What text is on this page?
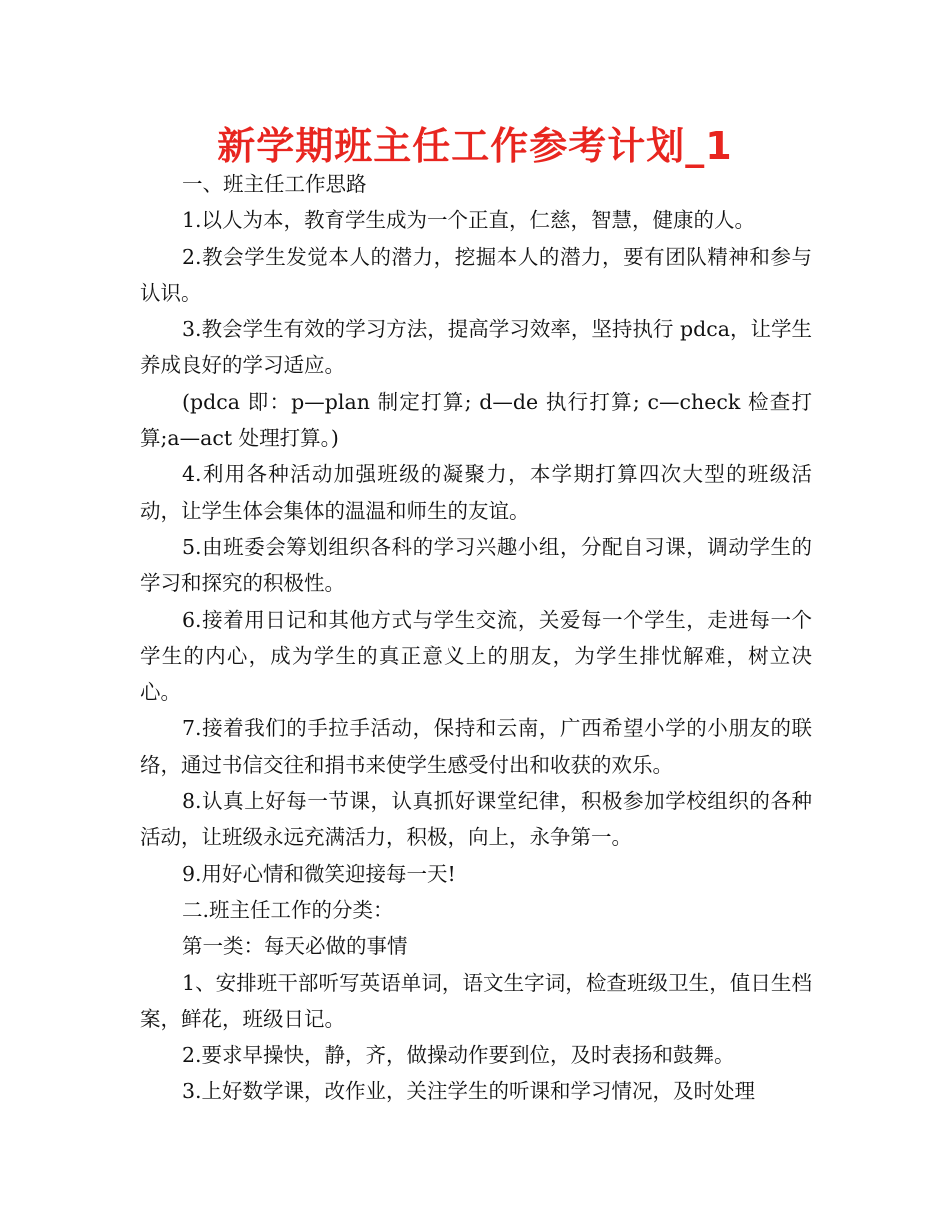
新学期班主任工作参考计划_1

一、班主任工作思路

1.以人为本，教育学生成为一个正直，仁慈，智慧，健康的人。

2.教会学生发觉本人的潜力，挖掘本人的潜力，要有团队精神和参与认识。

3.教会学生有效的学习方法，提高学习效率，坚持执行 pdca，让学生养成良好的学习适应。

(pdca 即：p—plan 制定打算; d—de 执行打算; c—check 检查打算;a—act 处理打算。)

4.利用各种活动加强班级的凝聚力，本学期打算四次大型的班级活动，让学生体会集体的温温和师生的友谊。

5.由班委会筹划组织各科的学习兴趣小组，分配自习课，调动学生的学习和探究的积极性。

6.接着用日记和其他方式与学生交流，关爱每一个学生，走进每一个学生的内心，成为学生的真正意义上的朋友，为学生排忧解难，树立决心。

7.接着我们的手拉手活动，保持和云南，广西希望小学的小朋友的联络，通过书信交往和捐书来使学生感受付出和收获的欢乐。

8.认真上好每一节课，认真抓好课堂纪律，积极参加学校组织的各种活动，让班级永远充满活力，积极，向上，永争第一。

9.用好心情和微笑迎接每一天!

二.班主任工作的分类：

第一类：每天必做的事情

1、安排班干部听写英语单词，语文生字词，检查班级卫生，值日生档案，鲜花，班级日记。

2.要求早操快，静，齐，做操动作要到位，及时表扬和鼓舞。

3.上好数学课，改作业，关注学生的听课和学习情况，及时处理
